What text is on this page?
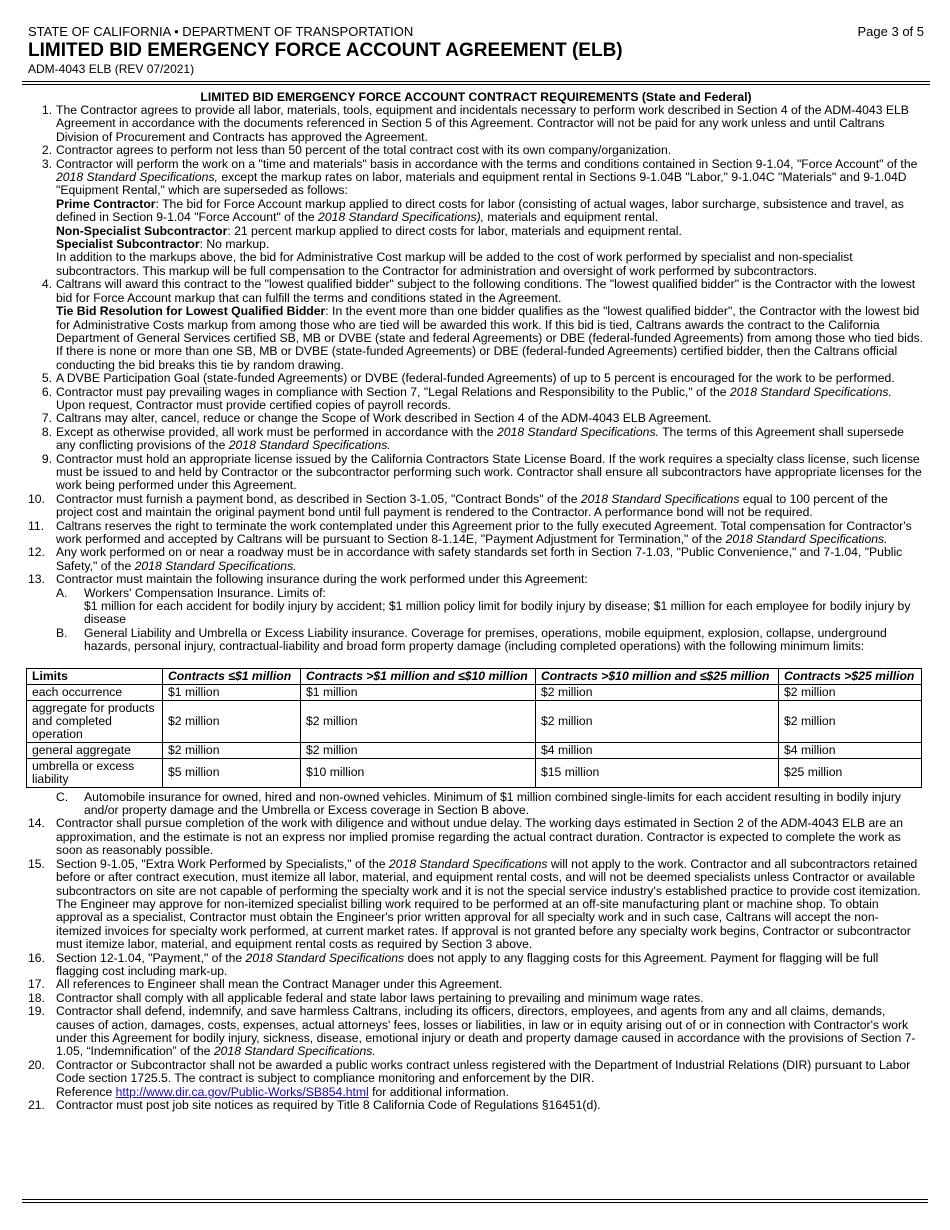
STATE OF CALIFORNIA • DEPARTMENT OF TRANSPORTATION
LIMITED BID EMERGENCY FORCE ACCOUNT AGREEMENT (ELB)
ADM-4043 ELB (REV 07/2021)
Page 3 of 5
LIMITED BID EMERGENCY FORCE ACCOUNT CONTRACT REQUIREMENTS (State and Federal)
1. The Contractor agrees to provide all labor, materials, tools, equipment and incidentals necessary to perform work described in Section 4 of the ADM-4043 ELB Agreement in accordance with the documents referenced in Section 5 of this Agreement. Contractor will not be paid for any work unless and until Caltrans Division of Procurement and Contracts has approved the Agreement.
2. Contractor agrees to perform not less than 50 percent of the total contract cost with its own company/organization.
3. Contractor will perform the work on a "time and materials" basis in accordance with the terms and conditions contained in Section 9-1.04, "Force Account" of the 2018 Standard Specifications, except the markup rates on labor, materials and equipment rental in Sections 9-1.04B "Labor," 9-1.04C "Materials" and 9-1.04D "Equipment Rental," which are superseded as follows:
Prime Contractor: The bid for Force Account markup applied to direct costs for labor (consisting of actual wages, labor surcharge, subsistence and travel, as defined in Section 9-1.04 "Force Account" of the 2018 Standard Specifications), materials and equipment rental.
Non-Specialist Subcontractor: 21 percent markup applied to direct costs for labor, materials and equipment rental.
Specialist Subcontractor: No markup.
In addition to the markups above, the bid for Administrative Cost markup will be added to the cost of work performed by specialist and non-specialist subcontractors. This markup will be full compensation to the Contractor for administration and oversight of work performed by subcontractors.
4. Caltrans will award this contract to the "lowest qualified bidder" subject to the following conditions. The "lowest qualified bidder" is the Contractor with the lowest bid for Force Account markup that can fulfill the terms and conditions stated in the Agreement.
Tie Bid Resolution for Lowest Qualified Bidder: In the event more than one bidder qualifies as the "lowest qualified bidder", the Contractor with the lowest bid for Administrative Costs markup from among those who are tied will be awarded this work. If this bid is tied, Caltrans awards the contract to the California Department of General Services certified SB, MB or DVBE (state and federal Agreements) or DBE (federal-funded Agreements) from among those who tied bids. If there is none or more than one SB, MB or DVBE (state-funded Agreements) or DBE (federal-funded Agreements) certified bidder, then the Caltrans official conducting the bid breaks this tie by random drawing.
5. A DVBE Participation Goal (state-funded Agreements) or DVBE (federal-funded Agreements) of up to 5 percent is encouraged for the work to be performed.
6. Contractor must pay prevailing wages in compliance with Section 7, "Legal Relations and Responsibility to the Public," of the 2018 Standard Specifications. Upon request, Contractor must provide certified copies of payroll records.
7. Caltrans may alter, cancel, reduce or change the Scope of Work described in Section 4 of the ADM-4043 ELB Agreement.
8. Except as otherwise provided, all work must be performed in accordance with the 2018 Standard Specifications. The terms of this Agreement shall supersede any conflicting provisions of the 2018 Standard Specifications.
9. Contractor must hold an appropriate license issued by the California Contractors State License Board. If the work requires a specialty class license, such license must be issued to and held by Contractor or the subcontractor performing such work. Contractor shall ensure all subcontractors have appropriate licenses for the work being performed under this Agreement.
10. Contractor must furnish a payment bond, as described in Section 3-1.05, "Contract Bonds" of the 2018 Standard Specifications equal to 100 percent of the project cost and maintain the original payment bond until full payment is rendered to the Contractor. A performance bond will not be required.
11. Caltrans reserves the right to terminate the work contemplated under this Agreement prior to the fully executed Agreement. Total compensation for Contractor's work performed and accepted by Caltrans will be pursuant to Section 8-1.14E, "Payment Adjustment for Termination," of the 2018 Standard Specifications.
12. Any work performed on or near a roadway must be in accordance with safety standards set forth in Section 7-1.03, "Public Convenience," and 7-1.04, "Public Safety," of the 2018 Standard Specifications.
13. Contractor must maintain the following insurance during the work performed under this Agreement:
A. Workers' Compensation Insurance. Limits of:
$1 million for each accident for bodily injury by accident; $1 million policy limit for bodily injury by disease; $1 million for each employee for bodily injury by disease
B. General Liability and Umbrella or Excess Liability insurance. Coverage for premises, operations, mobile equipment, explosion, collapse, underground hazards, personal injury, contractual-liability and broad form property damage (including completed operations) with the following minimum limits:
Limits	Contracts ≤$1 million	Contracts >$1 million and ≤$10 million	Contracts >$10 million and ≤$25 million	Contracts >$25 million
each occurrence	$1 million	$1 million	$2 million	$2 million
aggregate for products and completed operation	$2 million	$2 million	$2 million	$2 million
general aggregate	$2 million	$2 million	$4 million	$4 million
umbrella or excess liability	$5 million	$10 million	$15 million	$25 million
C. Automobile insurance for owned, hired and non-owned vehicles. Minimum of $1 million combined single-limits for each accident resulting in bodily injury and/or property damage and the Umbrella or Excess coverage in Section B above.
14. Contractor shall pursue completion of the work with diligence and without undue delay. The working days estimated in Section 2 of the ADM-4043 ELB are an approximation, and the estimate is not an express nor implied promise regarding the actual contract duration. Contractor is expected to complete the work as soon as reasonably possible.
15. Section 9-1.05, "Extra Work Performed by Specialists," of the 2018 Standard Specifications will not apply to the work. Contractor and all subcontractors retained before or after contract execution, must itemize all labor, material, and equipment rental costs, and will not be deemed specialists unless Contractor or available subcontractors on site are not capable of performing the specialty work and it is not the special service industry's established practice to provide cost itemization. The Engineer may approve for non-itemized specialist billing work required to be performed at an off-site manufacturing plant or machine shop. To obtain approval as a specialist, Contractor must obtain the Engineer's prior written approval for all specialty work and in such case, Caltrans will accept the non-itemized invoices for specialty work performed, at current market rates. If approval is not granted before any specialty work begins, Contractor or subcontractor must itemize labor, material, and equipment rental costs as required by Section 3 above.
16. Section 12-1.04, "Payment," of the 2018 Standard Specifications does not apply to any flagging costs for this Agreement. Payment for flagging will be full flagging cost including mark-up.
17. All references to Engineer shall mean the Contract Manager under this Agreement.
18. Contractor shall comply with all applicable federal and state labor laws pertaining to prevailing and minimum wage rates.
19. Contractor shall defend, indemnify, and save harmless Caltrans, including its officers, directors, employees, and agents from any and all claims, demands, causes of action, damages, costs, expenses, actual attorneys' fees, losses or liabilities, in law or in equity arising out of or in connection with Contractor's work under this Agreement for bodily injury, sickness, disease, emotional injury or death and property damage caused in accordance with the provisions of Section 7-1.05, “Indemnification” of the 2018 Standard Specifications.
20. Contractor or Subcontractor shall not be awarded a public works contract unless registered with the Department of Industrial Relations (DIR) pursuant to Labor Code section 1725.5. The contract is subject to compliance monitoring and enforcement by the DIR.
Reference http://www.dir.ca.gov/Public-Works/SB854.html for additional information.
21. Contractor must post job site notices as required by Title 8 California Code of Regulations §16451(d).
